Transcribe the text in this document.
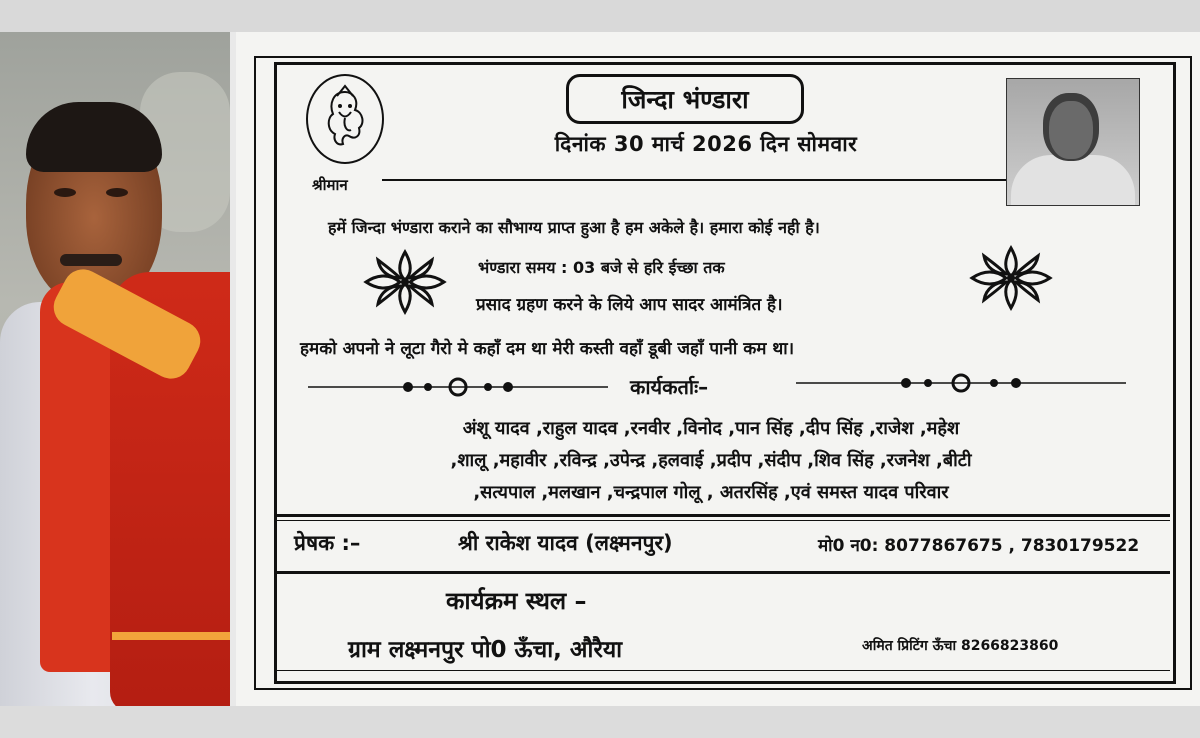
जिन्दा भंण्डारा
दिनांक 30 मार्च 2026 दिन सोमवार
श्रीमान
हमें जिन्दा भंण्डारा कराने का सौभाग्य प्राप्त हुआ है हम अकेले है। हमारा कोई नही है।
भंण्डारा समय : 03 बजे से हरि ईच्छा तक
प्रसाद ग्रहण करने के लिये आप सादर आमंत्रित है।
हमको अपनो ने लूटा गैरो मे कहाँ दम था मेरी कस्ती वहाँ डूबी जहाँ पानी कम था।
कार्यकर्ताः–
अंशू यादव ,राहुल यादव ,रनवीर ,विनोद ,पान सिंह ,दीप सिंह ,राजेश ,महेश
,शालू ,महावीर ,रविन्द्र ,उपेन्द्र ,हलवाई ,प्रदीप ,संदीप ,शिव सिंह ,रजनेश ,बीटी
,सत्यपाल ,मलखान ,चन्द्रपाल गोलू , अतरसिंह ,एवं समस्त यादव परिवार
प्रेषक :–	श्री राकेश यादव (लक्ष्मनपुर)	मो0 न0: 8077867675 , 7830179522
कार्यक्रम स्थल –
ग्राम लक्ष्मनपुर पो0 ऊँचा, औरैया	अमित प्रिटिंग ऊँचा 8266823860
